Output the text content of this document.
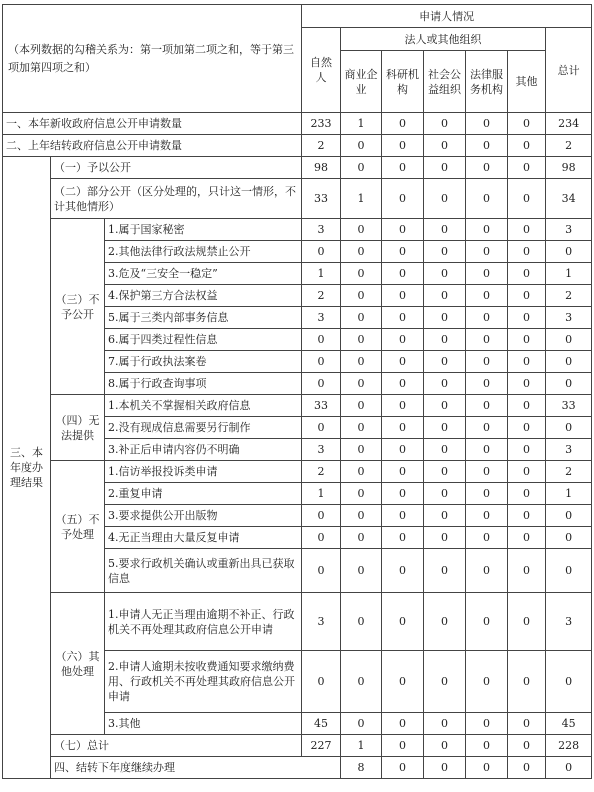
（本列数据的勾稽关系为：第一项加第二项之和，等于第三项加第四项之和）			申请人情况							
			自然人	法人或其他组织					总计	
				商业企业	科研机构	社会公益组织	法律服务机构	其他		
一、本年新收政府信息公开申请数量			233	1	0	0	0	0	234	
二、上年结转政府信息公开申请数量			2	0	0	0	0	0	2	
三、本年度办理结果	（一）予以公开		98	0	0	0	0	0	98	
	（二）部分公开（区分处理的，只计这一情形，不计其他情形）		33	1	0	0	0	0	34	
	（三）不予公开	1.属于国家秘密	3	0	0	0	0	0	3	
		2.其他法律行政法规禁止公开	0	0	0	0	0	0	0	
		3.危及“三安全一稳定”	1	0	0	0	0	0	1	
		4.保护第三方合法权益	2	0	0	0	0	0	2	
		5.属于三类内部事务信息	3	0	0	0	0	0	3	
		6.属于四类过程性信息	0	0	0	0	0	0	0	
		7.属于行政执法案卷	0	0	0	0	0	0	0	
		8.属于行政查询事项	0	0	0	0	0	0	0	
	（四）无法提供	1.本机关不掌握相关政府信息	33	0	0	0	0	0	33	
		2.没有现成信息需要另行制作	0	0	0	0	0	0	0	
		3.补正后申请内容仍不明确	3	0	0	0	0	0	3	
	（五）不予处理	1.信访举报投诉类申请	2	0	0	0	0	0	2	
		2.重复申请	1	0	0	0	0	0	1	
		3.要求提供公开出版物	0	0	0	0	0	0	0	
		4.无正当理由大量反复申请	0	0	0	0	0	0	0	
		5.要求行政机关确认或重新出具已获取信息	0	0	0	0	0	0	0	
	（六）其他处理	1.申请人无正当理由逾期不补正、行政机关不再处理其政府信息公开申请	3	0	0	0	0	0	3	
		2.申请人逾期未按收费通知要求缴纳费用、行政机关不再处理其政府信息公开申请	0	0	0	0	0	0	0	
		3.其他	45	0	0	0	0	0	45	
	（七）总计		227	1	0	0	0	0	228	
	四、结转下年度继续办理			8	0	0	0	0	0	
